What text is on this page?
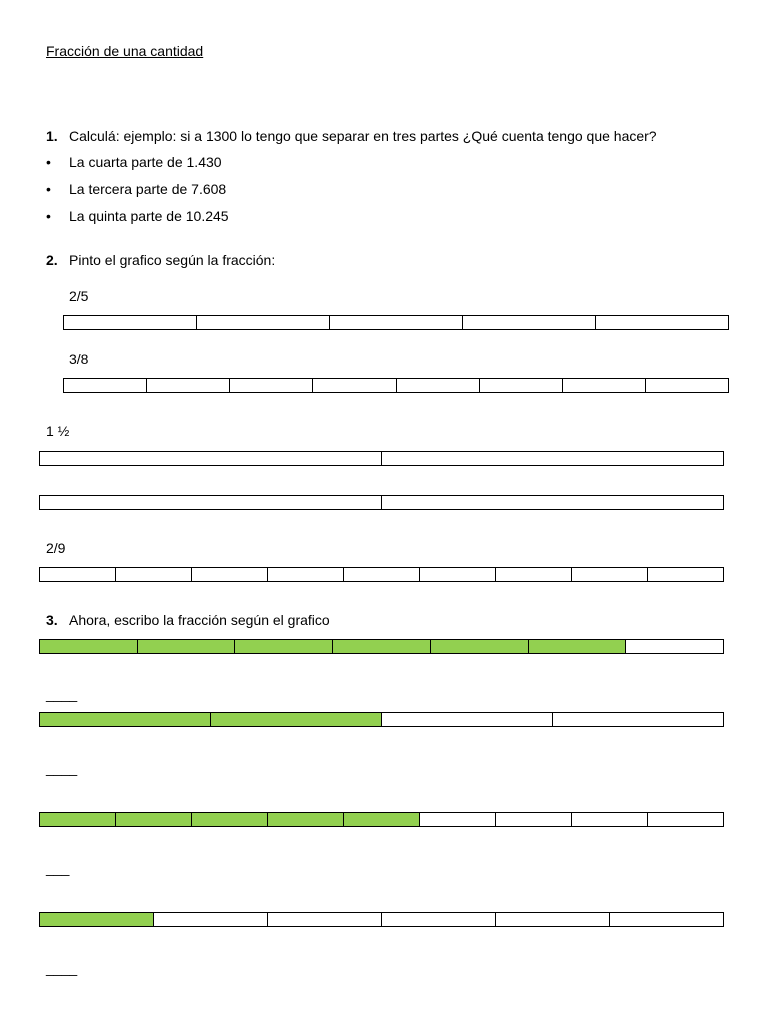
Fracción de una cantidad

1. Calculá: ejemplo: si a 1300 lo tengo que separar en tres partes ¿Qué cuenta tengo que hacer?

• La cuarta parte de 1.430

• La tercera parte de 7.608

• La quinta parte de 10.245

2. Pinto el grafico según la fracción:

2/5

3/8

1 ½

2/9

3. Ahora, escribo la fracción según el grafico

____

____

___

____
